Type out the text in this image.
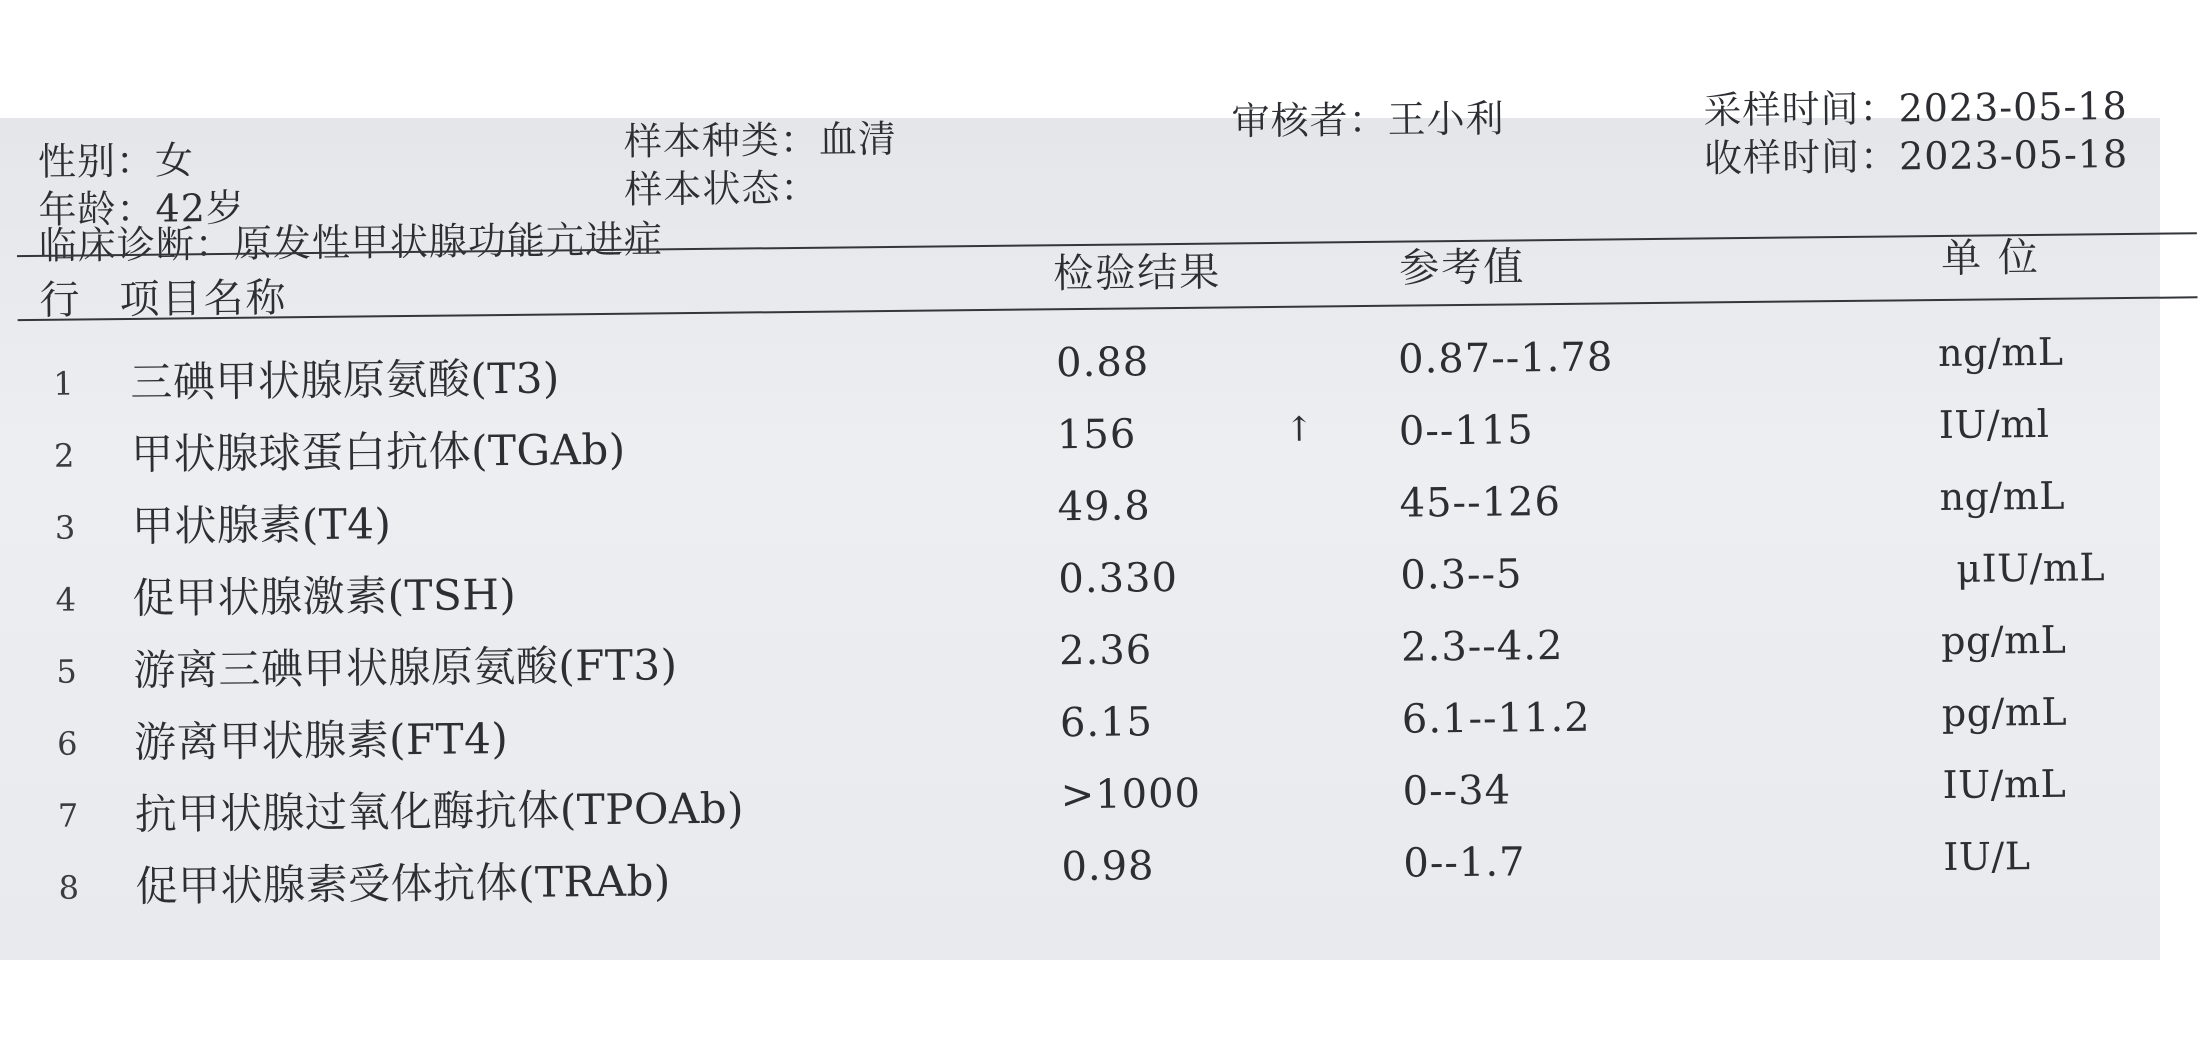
性别：女
年龄：42岁
临床诊断：原发性甲状腺功能亢进症
样本种类：血清
样本状态：
审核者：王小利	采样时间：2023-05-18
收样时间：2023-05-18
行 项目名称
检验结果	参考值	单 位
1 三碘甲状腺原氨酸(T3)	0.88	0.87--1.78	ng/mL
2 甲状腺球蛋白抗体(TGAb)	156	↑ 0--115	IU/ml
3 甲状腺素(T4)	49.8	45--126	ng/mL
4 促甲状腺激素(TSH)	0.330	0.3--5	μIU/mL
5 游离三碘甲状腺原氨酸(FT3)	2.36	2.3--4.2	pg/mL
6 游离甲状腺素(FT4)	6.15	6.1--11.2	pg/mL
7 抗甲状腺过氧化酶抗体(TPOAb)	>1000	0--34	IU/mL
8 促甲状腺素受体抗体(TRAb)	0.98	0--1.7	IU/L
